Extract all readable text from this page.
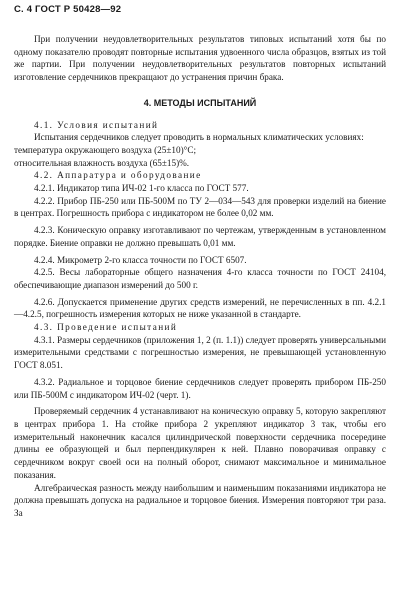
С. 4 ГОСТ Р 50428—92

При получении неудовлетворительных результатов типовых испытаний хотя бы по одному показателю проводят повторные испытания удвоенного числа образцов, взятых из той же партии. При получении неудовлетворительных результатов повторных испытаний изготовление сердечников прекращают до устранения причин брака.

4. МЕТОДЫ ИСПЫТАНИЙ

4.1. Условия испытаний

Испытания сердечников следует проводить в нормальных климатических условиях:

температура окружающего воздуха (25±10)°С;

относительная влажность воздуха (65±15)%.

4.2. Аппаратура и оборудование

4.2.1. Индикатор типа ИЧ-02 1-го класса по ГОСТ 577.

4.2.2. Прибор ПБ-250 или ПБ-500М по ТУ 2—034—543 для проверки изделий на биение в центрах. Погрешность прибора с индикатором не более 0,02 мм.

4.2.3. Коническую оправку изготавливают по чертежам, утвержденным в установленном порядке. Биение оправки не должно превышать 0,01 мм.

4.2.4. Микрометр 2-го класса точности по ГОСТ 6507.

4.2.5. Весы лабораторные общего назначения 4-го класса точности по ГОСТ 24104, обеспечивающие диапазон измерений до 500 г.

4.2.6. Допускается применение других средств измерений, не перечисленных в пп. 4.2.1—4.2.5, погрешность измерения которых не ниже указанной в стандарте.

4.3. Проведение испытаний

4.3.1. Размеры сердечников (приложения 1, 2 (п. 1.1)) следует проверять универсальными измерительными средствами с погрешностью измерения, не превышающей установленную ГОСТ 8.051.

4.3.2. Радиальное и торцовое биение сердечников следует проверять прибором ПБ-250 или ПБ-500М с индикатором ИЧ-02 (черт. 1).

Проверяемый сердечник 4 устанавливают на коническую оправку 5, которую закрепляют в центрах прибора 1. На стойке прибора 2 укрепляют индикатор 3 так, чтобы его измерительный наконечник касался цилиндрической поверхности сердечника посередине длины ее образующей и был перпендикулярен к ней. Плавно поворачивая оправку с сердечником вокруг своей оси на полный оборот, снимают максимальное и минимальное показания.

Алгебраическая разность между наибольшим и наименьшим показаниями индикатора не должна превышать допуска на радиальное и торцовое биения. Измерения повторяют три раза. За
